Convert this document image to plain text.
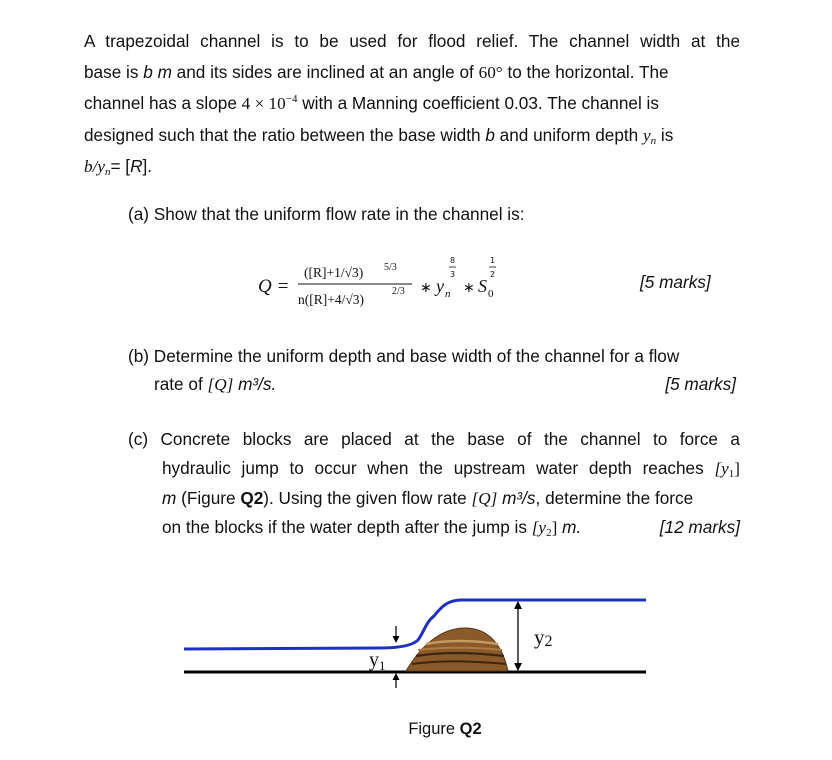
A trapezoidal channel is to be used for flood relief. The channel width at the
base is b m and its sides are inclined at an angle of 60° to the horizontal. The
channel has a slope $4 \times 10^{-4}$ with a Manning coefficient 0.03. The channel is
designed such that the ratio between the base width b and uniform depth $y_n$ is
$b/y_n= [R]$.
(a) Show that the uniform flow rate in the channel is:
Q =
([R]+1/√3) 5/3
n([R]+4/√3)
2/3 ∗ y n
8
3
∗ S 0
1
2	[5 marks]
(b) Determine the uniform depth and base width of the channel for a flow
rate of [Q] m³/s.	[5 marks]
(c) Concrete blocks are placed at the base of the channel to force a
hydraulic jump to occur when the upstream water depth reaches $[y_1]$
m (Figure Q2). Using the given flow rate [Q] m³/s, determine the force
on the blocks if the water depth after the jump is $[y_2]$ m.	[12 marks]
$y_1$
y2
Figure Q2
